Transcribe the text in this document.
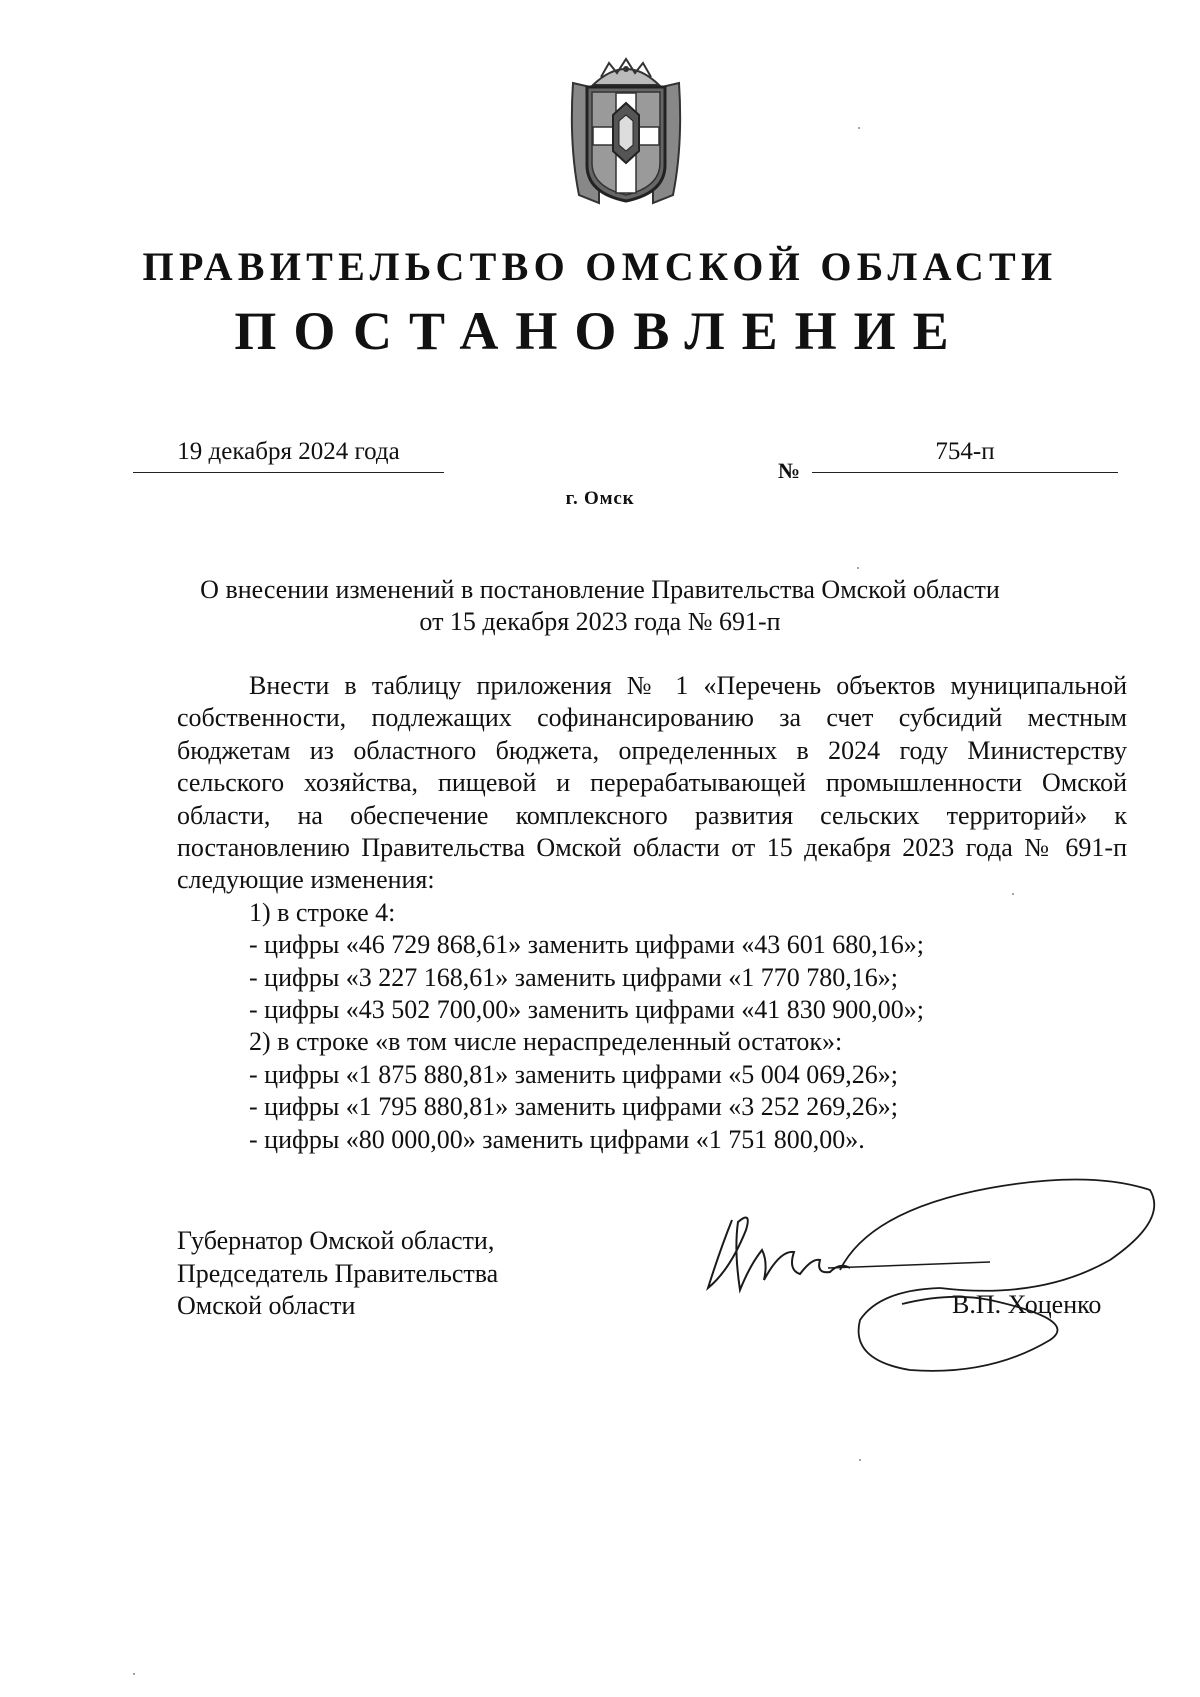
ПРАВИТЕЛЬСТВО ОМСКОЙ ОБЛАСТИ
ПОСТАНОВЛЕНИЕ
19 декабря 2024 года
№
754-п
г. Омск
О внесении изменений в постановление Правительства Омской области
от 15 декабря 2023 года № 691-п

Внести в таблицу приложения № 1 «Перечень объектов муниципальной собственности, подлежащих софинансированию за счет субсидий местным бюджетам из областного бюджета, определенных в 2024 году Министерству сельского хозяйства, пищевой и перерабатывающей промышленности Омской области, на обеспечение комплексного развития сельских территорий» к постановлению Правительства Омской области от 15 декабря 2023 года № 691-п следующие изменения:

1) в строке 4:

- цифры «46 729 868,61» заменить цифрами «43 601 680,16»;

- цифры «3 227 168,61» заменить цифрами «1 770 780,16»;

- цифры «43 502 700,00» заменить цифрами «41 830 900,00»;

2) в строке «в том числе нераспределенный остаток»:

- цифры «1 875 880,81» заменить цифрами «5 004 069,26»;

- цифры «1 795 880,81» заменить цифрами «3 252 269,26»;

- цифры «80 000,00» заменить цифрами «1 751 800,00».

Губернатор Омской области,
Председатель Правительства
Омской области	В.П. Хоценко
